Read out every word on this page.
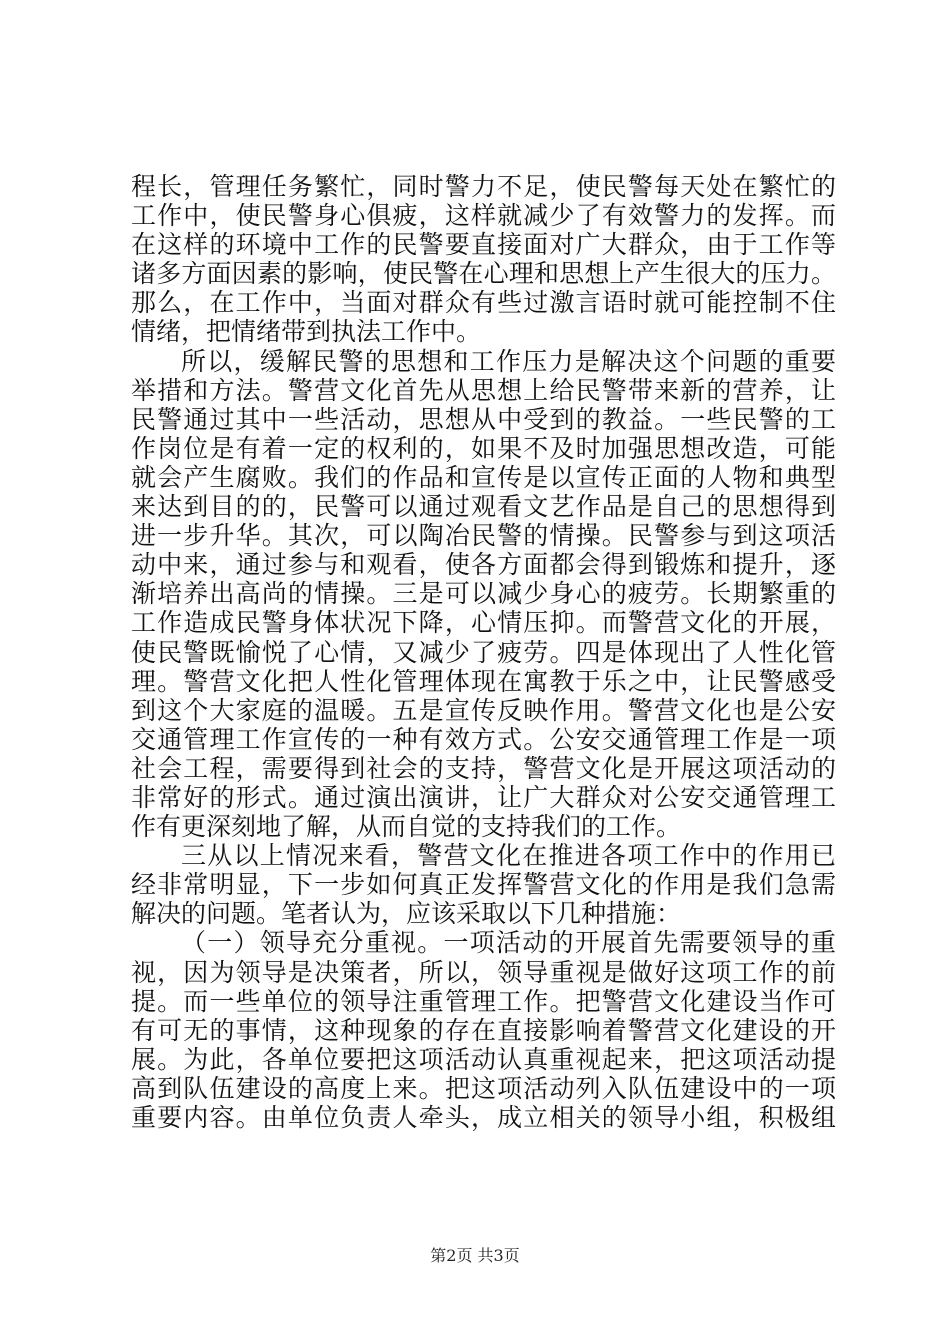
程长，管理任务繁忙，同时警力不足，使民警每天处在繁忙的
工作中，使民警身心俱疲，这样就减少了有效警力的发挥。而
在这样的环境中工作的民警要直接面对广大群众，由于工作等
诸多方面因素的影响，使民警在心理和思想上产生很大的压力。
那么，在工作中，当面对群众有些过激言语时就可能控制不住
情绪，把情绪带到执法工作中。
所以，缓解民警的思想和工作压力是解决这个问题的重要
举措和方法。警营文化首先从思想上给民警带来新的营养，让
民警通过其中一些活动，思想从中受到的教益。一些民警的工
作岗位是有着一定的权利的，如果不及时加强思想改造，可能
就会产生腐败。我们的作品和宣传是以宣传正面的人物和典型
来达到目的的，民警可以通过观看文艺作品是自己的思想得到
进一步升华。其次，可以陶冶民警的情操。民警参与到这项活
动中来，通过参与和观看，使各方面都会得到锻炼和提升，逐
渐培养出高尚的情操。三是可以减少身心的疲劳。长期繁重的
工作造成民警身体状况下降，心情压抑。而警营文化的开展，
使民警既愉悦了心情，又减少了疲劳。四是体现出了人性化管
理。警营文化把人性化管理体现在寓教于乐之中，让民警感受
到这个大家庭的温暖。五是宣传反映作用。警营文化也是公安
交通管理工作宣传的一种有效方式。公安交通管理工作是一项
社会工程，需要得到社会的支持，警营文化是开展这项活动的
非常好的形式。通过演出演讲，让广大群众对公安交通管理工
作有更深刻地了解，从而自觉的支持我们的工作。
三从以上情况来看，警营文化在推进各项工作中的作用已
经非常明显，下一步如何真正发挥警营文化的作用是我们急需
解决的问题。笔者认为，应该采取以下几种措施：
（一）领导充分重视。一项活动的开展首先需要领导的重
视，因为领导是决策者，所以，领导重视是做好这项工作的前
提。而一些单位的领导注重管理工作。把警营文化建设当作可
有可无的事情，这种现象的存在直接影响着警营文化建设的开
展。为此，各单位要把这项活动认真重视起来，把这项活动提
高到队伍建设的高度上来。把这项活动列入队伍建设中的一项
重要内容。由单位负责人牵头，成立相关的领导小组，积极组
第2页 共3页
